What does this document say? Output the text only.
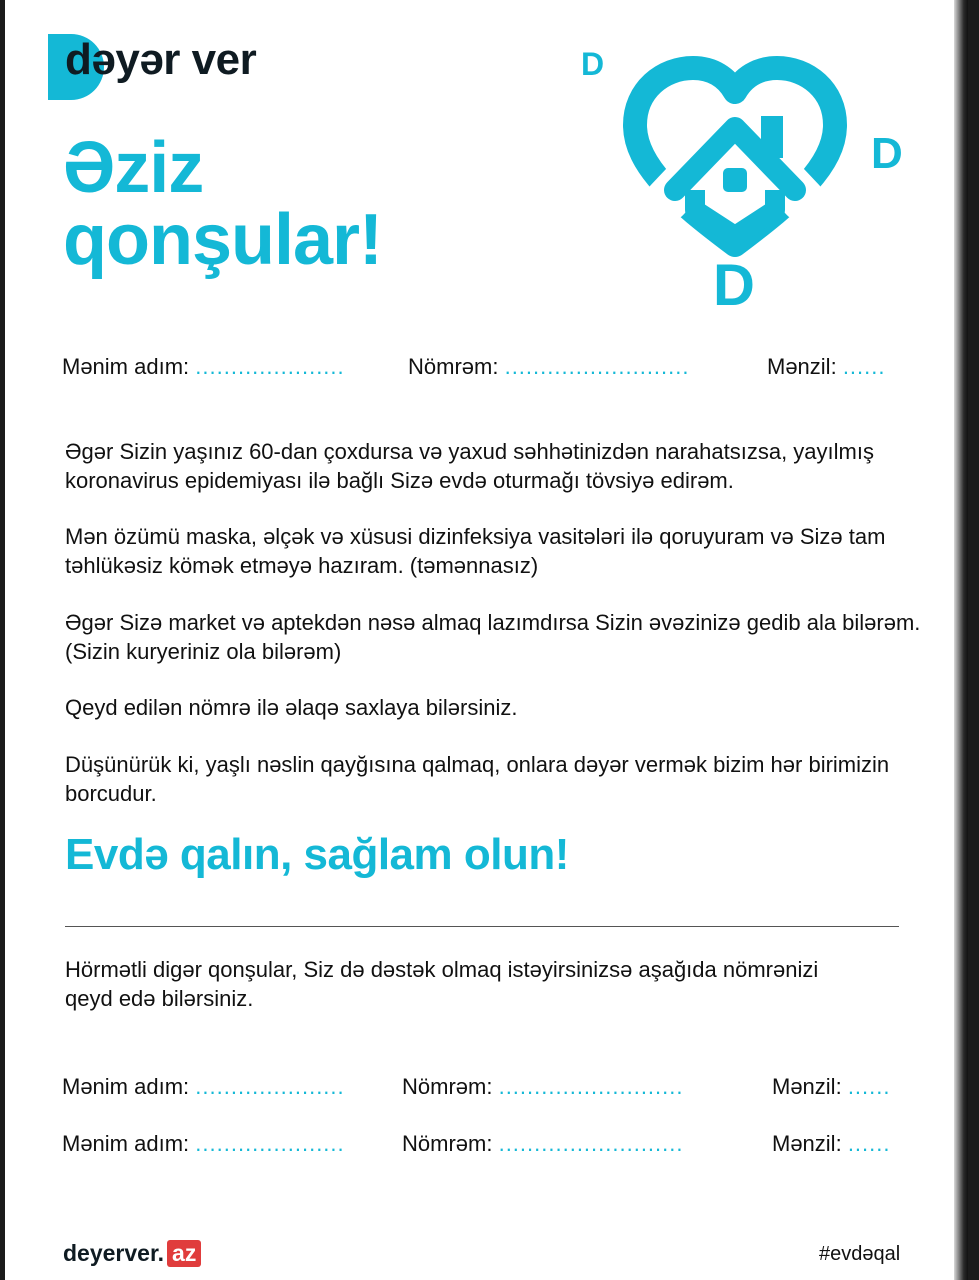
dəyər ver
Əziz
qonşular!
D
D
D
Mənim adım: .....................	Nömrəm: ..........................	Mənzil: ......

Əgər Sizin yaşınız 60-dan çoxdursa və yaxud səhhətinizdən narahatsızsa, yayılmış koronavirus epidemiyası ilə bağlı Sizə evdə oturmağı tövsiyə edirəm.

Mən özümü maska, əlçək və xüsusi dizinfeksiya vasitələri ilə qoruyuram və Sizə tam təhlükəsiz kömək etməyə hazıram. (təmənnasız)

Əgər Sizə market və aptekdən nəsə almaq lazımdırsa Sizin əvəzinizə gedib ala bilərəm. (Sizin kuryeriniz ola bilərəm)

Qeyd edilən nömrə ilə əlaqə saxlaya bilərsiniz.

Düşünürük ki, yaşlı nəslin qayğısına qalmaq, onlara dəyər vermək bizim hər birimizin borcudur.

Evdə qalın, sağlam olun!

Hörmətli digər qonşular, Siz də dəstək olmaq istəyirsinizsə aşağıda nömrənizi qeyd edə bilərsiniz.

Mənim adım: .....................	Nömrəm: ..........................	Mənzil: ......
Mənim adım: .....................	Nömrəm: ..........................	Mənzil: ......
deyerver. az	#evdəqal
